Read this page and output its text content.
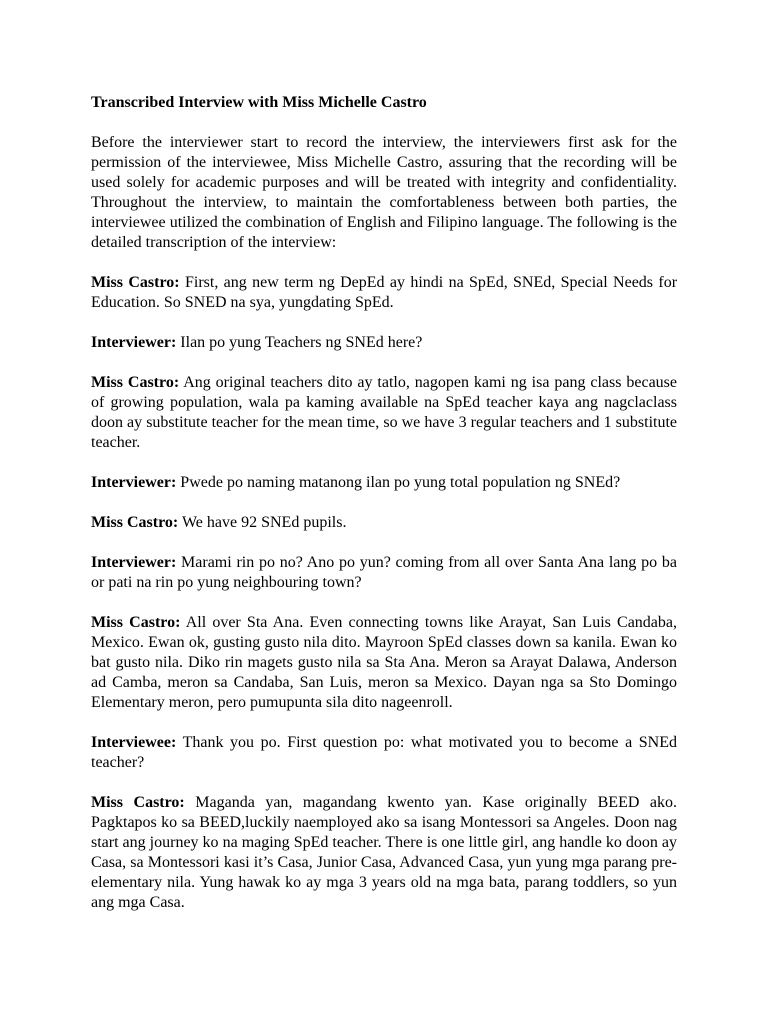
Transcribed Interview with Miss Michelle Castro

Before the interviewer start to record the interview, the interviewers first ask for the permission of the interviewee, Miss Michelle Castro, assuring that the recording will be used solely for academic purposes and will be treated with integrity and confidentiality. Throughout the interview, to maintain the comfortableness between both parties, the interviewee utilized the combination of English and Filipino language. The following is the detailed transcription of the interview:

Miss Castro: First, ang new term ng DepEd ay hindi na SpEd, SNEd, Special Needs for Education. So SNED na sya, yungdating SpEd.

Interviewer: Ilan po yung Teachers ng SNEd here?

Miss Castro: Ang original teachers dito ay tatlo, nagopen kami ng isa pang class because of growing population, wala pa kaming available na SpEd teacher kaya ang nagclaclass doon ay substitute teacher for the mean time, so we have 3 regular teachers and 1 substitute teacher.

Interviewer: Pwede po naming matanong ilan po yung total population ng SNEd?

Miss Castro: We have 92 SNEd pupils.

Interviewer: Marami rin po no? Ano po yun? coming from all over Santa Ana lang po ba or pati na rin po yung neighbouring town?

Miss Castro: All over Sta Ana. Even connecting towns like Arayat, San Luis Candaba, Mexico. Ewan ok, gusting gusto nila dito. Mayroon SpEd classes down sa kanila. Ewan ko bat gusto nila. Diko rin magets gusto nila sa Sta Ana. Meron sa Arayat Dalawa, Anderson ad Camba, meron sa Candaba, San Luis, meron sa Mexico. Dayan nga sa Sto Domingo Elementary meron, pero pumupunta sila dito nageenroll.

Interviewee: Thank you po. First question po: what motivated you to become a SNEd teacher?

Miss Castro: Maganda yan, magandang kwento yan. Kase originally BEED ako. Pagktapos ko sa BEED,luckily naemployed ako sa isang Montessori sa Angeles. Doon nag start ang journey ko na maging SpEd teacher. There is one little girl, ang handle ko doon ay Casa, sa Montessori kasi it’s Casa, Junior Casa, Advanced Casa, yun yung mga parang pre-elementary nila. Yung hawak ko ay mga 3 years old na mga bata, parang toddlers, so yun ang mga Casa.
